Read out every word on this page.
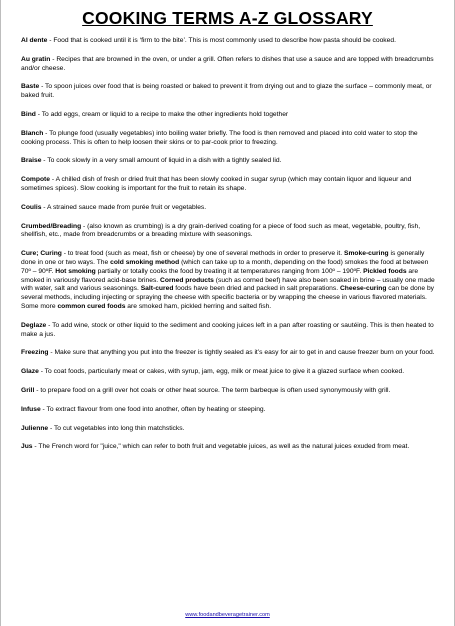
COOKING TERMS A-Z GLOSSARY
Al dente - Food that is cooked until it is ‘firm to the bite’. This is most commonly used to describe how pasta should be cooked.
Au gratin - Recipes that are browned in the oven, or under a grill. Often refers to dishes that use a sauce and are topped with breadcrumbs and/or cheese.
Baste - To spoon juices over food that is being roasted or baked to prevent it from drying out and to glaze the surface – commonly meat, or baked fruit.
Bind - To add eggs, cream or liquid to a recipe to make the other ingredients hold together
Blanch - To plunge food (usually vegetables) into boiling water briefly. The food is then removed and placed into cold water to stop the cooking process. This is often to help loosen their skins or to par-cook prior to freezing.
Braise - To cook slowly in a very small amount of liquid in a dish with a tightly sealed lid.
Compote - A chilled dish of fresh or dried fruit that has been slowly cooked in sugar syrup (which may contain liquor and liqueur and sometimes spices). Slow cooking is important for the fruit to retain its shape.
Coulis - A strained sauce made from purée fruit or vegetables.
Crumbed/Breading - (also known as crumbing) is a dry grain-derived coating for a piece of food such as meat, vegetable, poultry, fish, shellfish, etc., made from breadcrumbs or a breading mixture with seasonings.
Cure; Curing - to treat food (such as meat, fish or cheese) by one of several methods in order to preserve it. Smoke-curing is generally done in one or two ways. The cold smoking method (which can take up to a month, depending on the food) smokes the food at between 70º – 90ºF. Hot smoking partially or totally cooks the food by treating it at temperatures ranging from 100º – 190ºF. Pickled foods are smoked in variously flavored acid-base brines. Corned products (such as corned beef) have also been soaked in brine – usually one made with water, salt and various seasonings. Salt-cured foods have been dried and packed in salt preparations. Cheese-curing can be done by several methods, including injecting or spraying the cheese with specific bacteria or by wrapping the cheese in various flavored materials. Some more common cured foods are smoked ham, pickled herring and salted fish.
Deglaze - To add wine, stock or other liquid to the sediment and cooking juices left in a pan after roasting or sautéing. This is then heated to make a jus.
Freezing - Make sure that anything you put into the freezer is tightly sealed as it’s easy for air to get in and cause freezer burn on your food.
Glaze - To coat foods, particularly meat or cakes, with syrup, jam, egg, milk or meat juice to give it a glazed surface when cooked.
Grill - to prepare food on a grill over hot coals or other heat source. The term barbeque is often used synonymously with grill.
Infuse - To extract flavour from one food into another, often by heating or steeping.
Julienne - To cut vegetables into long thin matchsticks.
Jus - The French word for "juice," which can refer to both fruit and vegetable juices, as well as the natural juices exuded from meat.
www.foodandbeveragetrainer.com
